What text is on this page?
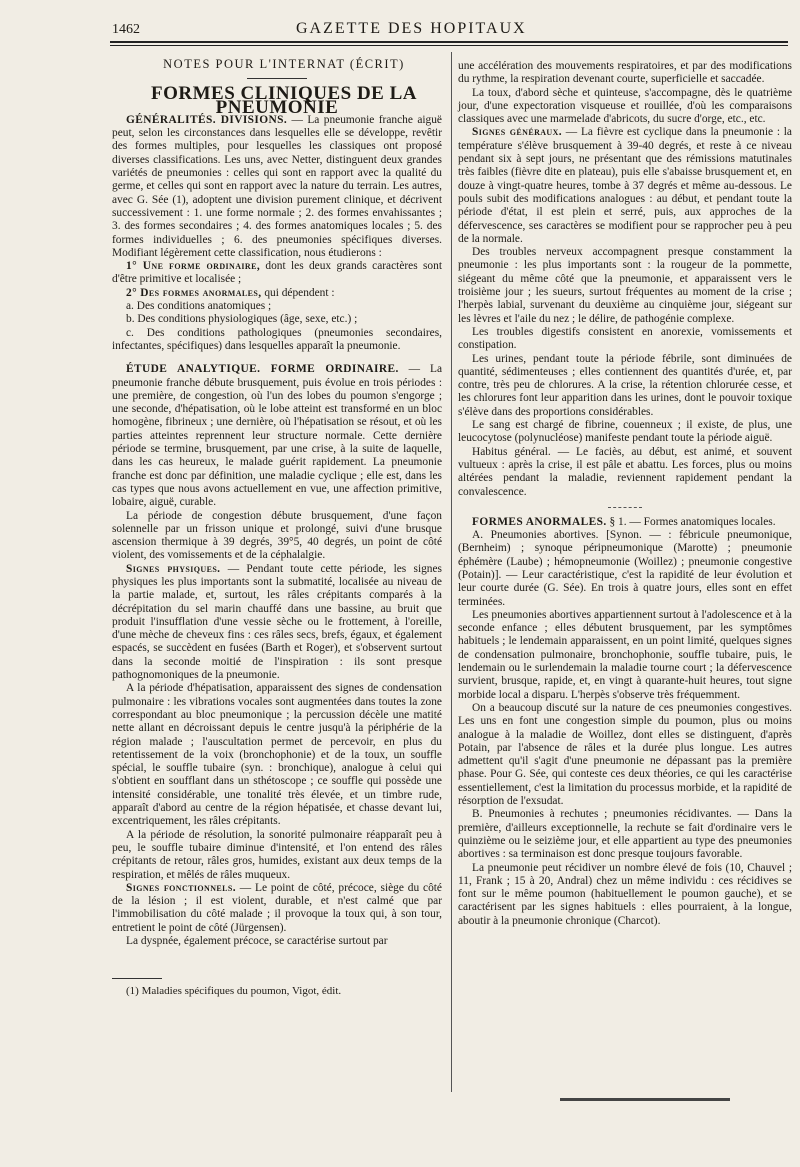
1462	GAZETTE DES HOPITAUX

NOTES POUR L'INTERNAT (ÉCRIT)

FORMES CLINIQUES DE LA PNEUMONIE

GÉNÉRALITÉS. DIVISIONS. — La pneumonie franche aiguë peut, selon les circonstances dans lesquelles elle se développe, revêtir des formes multiples, pour lesquelles les classiques ont proposé diverses classifications. Les uns, avec Netter, distinguent deux grandes variétés de pneumonies : celles qui sont en rapport avec la qualité du germe, et celles qui sont en rapport avec la nature du terrain. Les autres, avec G. Sée (1), adoptent une division purement clinique, et décrivent successivement : 1. une forme normale ; 2. des formes envahissantes ; 3. des formes secondaires ; 4. des formes anatomiques locales ; 5. des formes individuelles ; 6. des pneumonies spécifiques diverses. Modifiant légèrement cette classification, nous étudierons :

1° Une forme ordinaire, dont les deux grands caractères sont d'être primitive et localisée ;

2° Des formes anormales, qui dépendent :

a. Des conditions anatomiques ;

b. Des conditions physiologiques (âge, sexe, etc.) ;

c. Des conditions pathologiques (pneumonies secondaires, infectantes, spécifiques) dans lesquelles apparaît la pneumonie.

ÉTUDE ANALYTIQUE. FORME ORDINAIRE. — La pneumonie franche débute brusquement, puis évolue en trois périodes : une première, de congestion, où l'un des lobes du poumon s'engorge ; une seconde, d'hépatisation, où le lobe atteint est transformé en un bloc homogène, fibrineux ; une dernière, où l'hépatisation se résout, et où les parties atteintes reprennent leur structure normale. Cette dernière période se termine, brusquement, par une crise, à la suite de laquelle, dans les cas heureux, le malade guérit rapidement. La pneumonie franche est donc par définition, une maladie cyclique ; elle est, dans les cas types que nous avons actuellement en vue, une affection primitive, lobaire, aiguë, curable.

La période de congestion débute brusquement, d'une façon solennelle par un frisson unique et prolongé, suivi d'une brusque ascension thermique à 39 degrés, 39°5, 40 degrés, un point de côté violent, des vomissements et de la céphalalgie.

Signes physiques. — Pendant toute cette période, les signes physiques les plus importants sont la submatité, localisée au niveau de la partie malade, et, surtout, les râles crépitants comparés à la décrépitation du sel marin chauffé dans une bassine, au bruit que produit l'insufflation d'une vessie sèche ou le frottement, à l'oreille, d'une mèche de cheveux fins : ces râles secs, brefs, égaux, et également espacés, se succèdent en fusées (Barth et Roger), et s'observent surtout dans la seconde moitié de l'inspiration : ils sont presque pathognomoniques de la pneumonie.

A la période d'hépatisation, apparaissent des signes de condensation pulmonaire : les vibrations vocales sont augmentées dans toutes la zone correspondant au bloc pneumonique ; la percussion décèle une matité nette allant en décroissant depuis le centre jusqu'à la périphérie de la région malade ; l'auscultation permet de percevoir, en plus du retentissement de la voix (bronchophonie) et de la toux, un souffle spécial, le souffle tubaire (syn. : bronchique), analogue à celui qui s'obtient en soufflant dans un sthétoscope ; ce souffle qui possède une intensité considérable, une tonalité très élevée, et un timbre rude, apparaît d'abord au centre de la région hépatisée, et chasse devant lui, excentriquement, les râles crépitants.

A la période de résolution, la sonorité pulmonaire réapparaît peu à peu, le souffle tubaire diminue d'intensité, et l'on entend des râles crépitants de retour, râles gros, humides, existant aux deux temps de la respiration, et mêlés de râles muqueux.

Signes fonctionnels. — Le point de côté, précoce, siège du côté de la lésion ; il est violent, durable, et n'est calmé que par l'immobilisation du côté malade ; il provoque la toux qui, à son tour, entretient le point de côté (Jürgensen).

La dyspnée, également précoce, se caractérise surtout par

(1) Maladies spécifiques du poumon, Vigot, édit.

une accélération des mouvements respiratoires, et par des modifications du rythme, la respiration devenant courte, superficielle et saccadée.

La toux, d'abord sèche et quinteuse, s'accompagne, dès le quatrième jour, d'une expectoration visqueuse et rouillée, d'où les comparaisons classiques avec une marmelade d'abricots, du sucre d'orge, etc., etc.

Signes généraux. — La fièvre est cyclique dans la pneumonie : la température s'élève brusquement à 39-40 degrés, et reste à ce niveau pendant six à sept jours, ne présentant que des rémissions matutinales très faibles (fièvre dite en plateau), puis elle s'abaisse brusquement et, en douze à vingt-quatre heures, tombe à 37 degrés et même au-dessous. Le pouls subit des modifications analogues : au début, et pendant toute la période d'état, il est plein et serré, puis, aux approches de la défervescence, ses caractères se modifient pour se rapprocher peu à peu de la normale.

Des troubles nerveux accompagnent presque constamment la pneumonie : les plus importants sont : la rougeur de la pommette, siégeant du même côté que la pneumonie, et apparaissent vers le troisième jour ; les sueurs, surtout fréquentes au moment de la crise ; l'herpès labial, survenant du deuxième au cinquième jour, siégeant sur les lèvres et l'aile du nez ; le délire, de pathogénie complexe.

Les troubles digestifs consistent en anorexie, vomissements et constipation.

Les urines, pendant toute la période fébrile, sont diminuées de quantité, sédimenteuses ; elles contiennent des quantités d'urée, et, par contre, très peu de chlorures. A la crise, la rétention chlorurée cesse, et les chlorures font leur apparition dans les urines, dont le pouvoir toxique s'élève dans des proportions considérables.

Le sang est chargé de fibrine, couenneux ; il existe, de plus, une leucocytose (polynucléose) manifeste pendant toute la période aiguë.

Habitus général. — Le faciès, au début, est animé, et souvent vultueux : après la crise, il est pâle et abattu. Les forces, plus ou moins altérées pendant la maladie, reviennent rapidement pendant la convalescence.

FORMES ANORMALES. § 1. — Formes anatomiques locales.

A. Pneumonies abortives. [Synon. — : fébricule pneumonique, (Bernheim) ; synoque péripneumonique (Marotte) ; pneumonie éphémère (Laube) ; hémopneumonie (Woillez) ; pneumonie congestive (Potain)]. — Leur caractéristique, c'est la rapidité de leur évolution et leur courte durée (G. Sée). En trois à quatre jours, elles sont en effet terminées.

Les pneumonies abortives appartiennent surtout à l'adolescence et à la seconde enfance ; elles débutent brusquement, par les symptômes habituels ; le lendemain apparaissent, en un point limité, quelques signes de condensation pulmonaire, bronchophonie, souffle tubaire, puis, le lendemain ou le surlendemain la maladie tourne court ; la défervescence survient, brusque, rapide, et, en vingt à quarante-huit heures, tout signe morbide local a disparu. L'herpès s'observe très fréquemment.

On a beaucoup discuté sur la nature de ces pneumonies congestives. Les uns en font une congestion simple du poumon, plus ou moins analogue à la maladie de Woillez, dont elles se distinguent, d'après Potain, par l'absence de râles et la durée plus longue. Les autres admettent qu'il s'agit d'une pneumonie ne dépassant pas la première phase. Pour G. Sée, qui conteste ces deux théories, ce qui les caractérise essentiellement, c'est la limitation du processus morbide, et la rapidité de résorption de l'exsudat.

B. Pneumonies à rechutes ; pneumonies récidivantes. — Dans la première, d'ailleurs exceptionnelle, la rechute se fait d'ordinaire vers le quinzième ou le seizième jour, et elle appartient au type des pneumonies abortives : sa terminaison est donc presque toujours favorable.

La pneumonie peut récidiver un nombre élevé de fois (10, Chauvel ; 11, Frank ; 15 à 20, Andral) chez un même individu : ces récidives se font sur le même poumon (habituellement le poumon gauche), et se caractérisent par les signes habituels : elles pourraient, à la longue, aboutir à la pneumonie chronique (Charcot).
